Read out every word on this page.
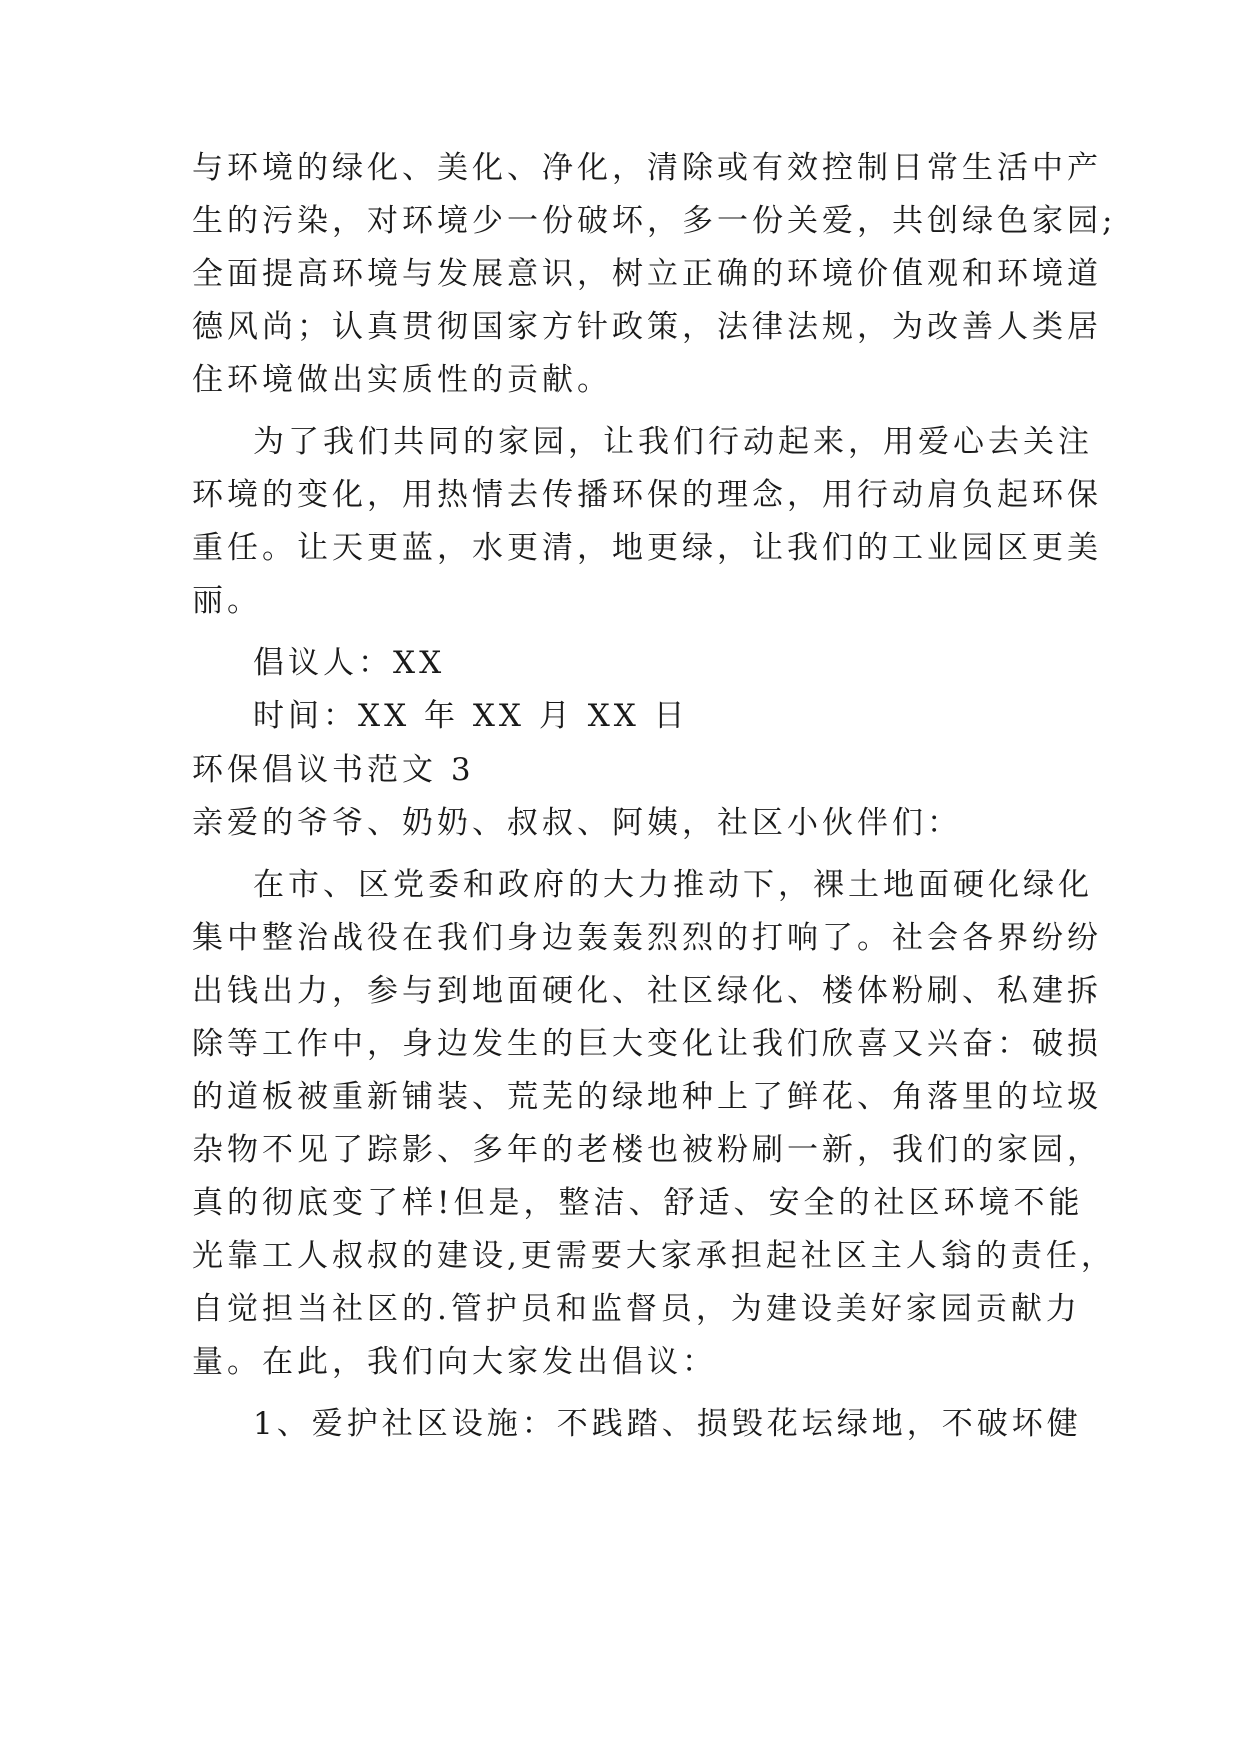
与环境的绿化、美化、净化，清除或有效控制日常生活中产
生的污染，对环境少一份破坏，多一份关爱，共创绿色家园;
全面提高环境与发展意识，树立正确的环境价值观和环境道
德风尚；认真贯彻国家方针政策，法律法规，为改善人类居
住环境做出实质性的贡献。
为了我们共同的家园，让我们行动起来，用爱心去关注
环境的变化，用热情去传播环保的理念，用行动肩负起环保
重任。让天更蓝，水更清，地更绿，让我们的工业园区更美
丽。
倡议人：XX
时间：XX 年 XX 月 XX 日
环保倡议书范文 3
亲爱的爷爷、奶奶、叔叔、阿姨，社区小伙伴们：
在市、区党委和政府的大力推动下，裸土地面硬化绿化
集中整治战役在我们身边轰轰烈烈的打响了。社会各界纷纷
出钱出力，参与到地面硬化、社区绿化、楼体粉刷、私建拆
除等工作中，身边发生的巨大变化让我们欣喜又兴奋：破损
的道板被重新铺装、荒芜的绿地种上了鲜花、角落里的垃圾
杂物不见了踪影、多年的老楼也被粉刷一新，我们的家园，
真的彻底变了样!但是，整洁、舒适、安全的社区环境不能
光靠工人叔叔的建设,更需要大家承担起社区主人翁的责任，
自觉担当社区的.管护员和监督员，为建设美好家园贡献力
量。在此，我们向大家发出倡议：
1、爱护社区设施：不践踏、损毁花坛绿地，不破坏健
